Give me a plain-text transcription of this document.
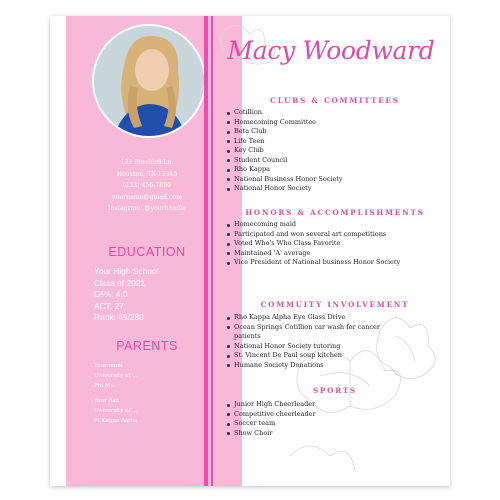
123 Bluebird Ln.
Houston, TX 12345
(123) 456-7890
yourname@gmail.com
Instagram: @yourhandle
EDUCATION
Your High School
Class of 2021
GPA: 4.0
ACT: 27
Rank: 45/280
PARENTS
Your mom
University of ...
Phi Mu
Your dad
University of ...
Pi Kappa Alpha
Macy Woodward
CLUBS & COMMITTEES
Cotillion
Homecoming Committee
Beta Club
Life Teen
Key Club
Student Council
Rho Kappa
National Business Honor Society
National Honor Society
HONORS & ACCOMPLISHMENTS
Homecoming maid
Participated and won several art competitions
Voted Who's Who Class Favorite
Maintained 'A' average
Vice President of National business Honor Society
COMMUITY INVOLVEMENT
Rho Kappa Alpha Eye Glass Drive
Ocean Springs Cotillion car wash for cancer patients
National Honor Society tutoring
St. Vincent De Paul soup kitchen
Humane Society Donations
SPORTS
Junior High Cheerleader
Competitive cheerleader
Soccer team
Show Choir
